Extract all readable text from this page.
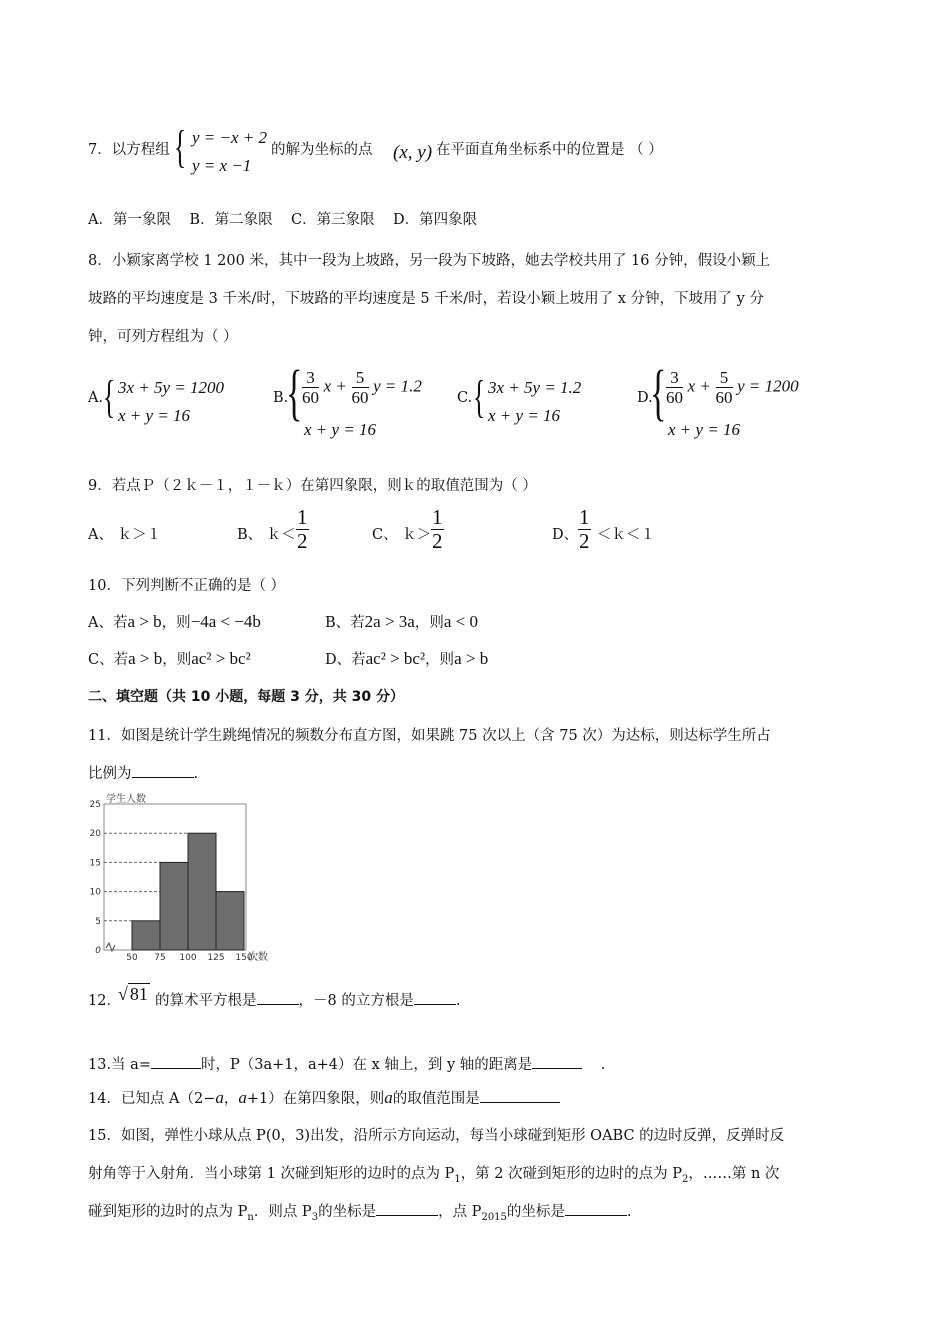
7．以方程组 { y = −x + 2
y = x −1
的解为坐标的点 (x, y) 在平面直角坐标系中的位置是 （ ）
A．第一象限    B．第二象限    C．第三象限    D．第四象限
8．小颖家离学校 1 200 米，其中一段为上坡路，另一段为下坡路，她去学校共用了 16 分钟，假设小颖上
坡路的平均速度是 3 千米/时，下坡路的平均速度是 5 千米/时，若设小颖上坡用了 x 分钟，下坡用了 y 分
钟，可列方程组为（ ）
A. { 3x + 5y = 1200
x + y = 16
B.
{ $\frac{3}{60}$ $x + \frac{5}{60}$ y = 1.2
x + y = 16
C. { 3x + 5y = 1.2
x + y = 16
D.
{ $\frac{3}{60}$ $x + \frac{5}{60}$ y = 1200
x + y = 16
9．若点Ｐ（２ｋ－１，１－ｋ）在第四象限，则ｋ的取值范围为（ ）
A、 ｋ＞１	B、 ｋ＜ $\frac{1}{2}$	C、 ｋ＞ $\frac{1}{2}$	D、 $\frac{1}{2}$ ＜ｋ＜１
10．下列判断不正确的是（ ）
A、若a > b，则−4a < −4b	B、若2a > 3a，则a < 0
C、若a > b，则ac² > bc²	D、若ac² > bc²，则a > b
二、填空题（共 10 小题，每题 3 分，共 30 分）
11．如图是统计学生跳绳情况的频数分布直方图，如果跳 75 次以上（含 75 次）为达标，则达标学生所占
比例为	.
学生人数
次数
0
5
10
15
20
25
50 75 100 125 150
12．
√ 81 的算术平方根是	，－8 的立方根是	.
13.当 a=	时，P（3a+1，a+4）在 x 轴上，到 y 轴的距离是	.
14．已知点 A（2−a，a+1）在第四象限，则a的取值范围是
15．如图，弹性小球从点 P(0，3)出发，沿所示方向运动，每当小球碰到矩形 OABC 的边时反弹，反弹时反
射角等于入射角．当小球第 1 次碰到矩形的边时的点为 $P_1$，第 2 次碰到矩形的边时的点为 $P_2$，……第 n 次
碰到矩形的边时的点为 $P_n$．则点 $P_3$的坐标是	，点 $P_{2015}$的坐标是	.
